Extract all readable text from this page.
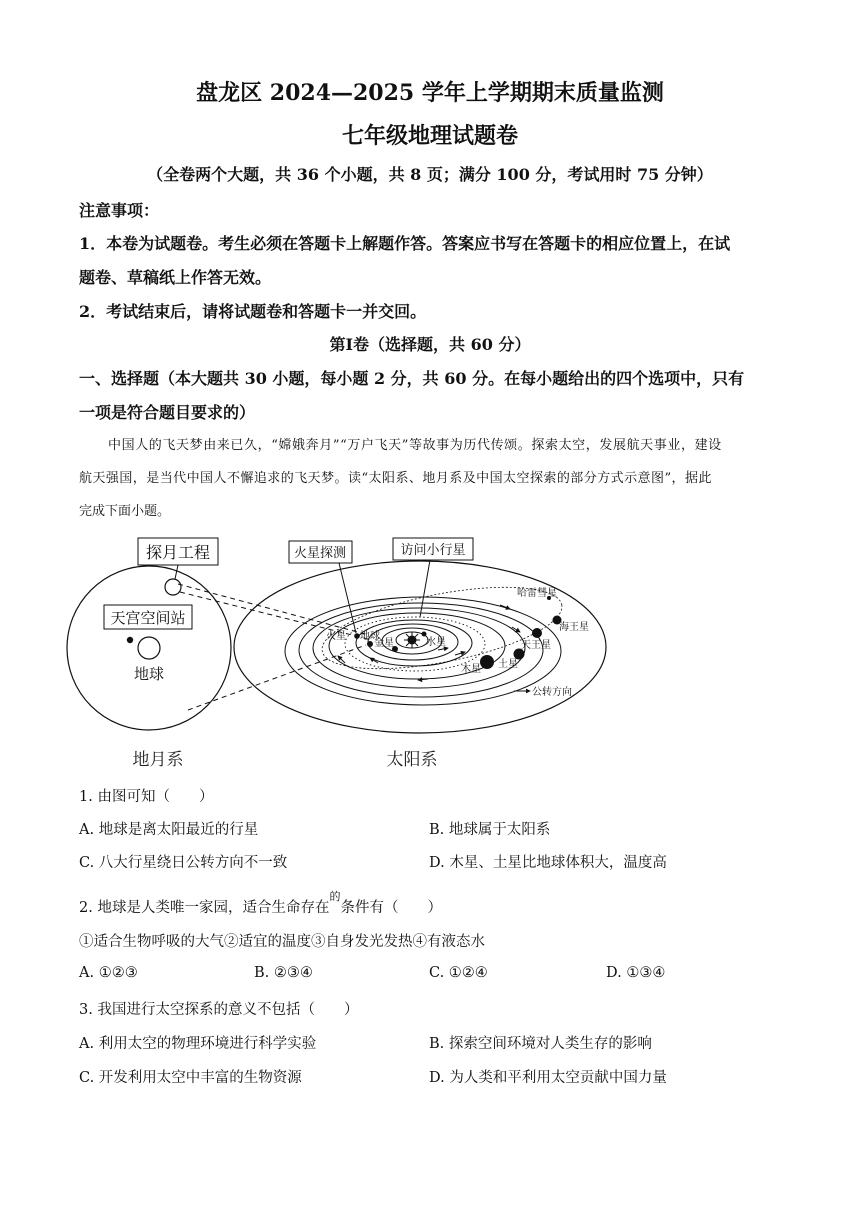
盘龙区 2024—2025 学年上学期期末质量监测
七年级地理试题卷
（全卷两个大题，共 36 个小题，共 8 页；满分 100 分，考试用时 75 分钟）
注意事项：
1．本卷为试题卷。考生必须在答题卡上解题作答。答案应书写在答题卡的相应位置上，在试
题卷、草稿纸上作答无效。
2．考试结束后，请将试题卷和答题卡一并交回。
第Ⅰ卷（选择题，共 60 分）
一、选择题（本大题共 30 小题，每小题 2 分，共 60 分。在每小题给出的四个选项中，只有
一项是符合题目要求的）
中国人的飞天梦由来已久，“嫦娥奔月”“万户飞天”等故事为历代传颂。探索太空，发展航天事业，建设
航天强国，是当代中国人不懈追求的飞天梦。读“太阳系、地月系及中国太空探索的部分方式示意图”，据此
完成下面小题。
探月工程
天宫空间站
地球
火星探测	访问小行星
哈雷彗星
海王星
天王星
土星
木星
火星 地球
金星	水星
公转方向
地月系	太阳系
1. 由图可知（　　）
A. 地球是离太阳最近的行星	B. 地球属于太阳系
C. 八大行星绕日公转方向不一致	D. 木星、土星比地球体积大，温度高
2. 地球是人类唯一家园，适合生命存在$^的$条件有（　　）
①适合生物呼吸的大气②适宜的温度③自身发光发热④有液态水
A. ①②③	B. ②③④	C. ①②④	D. ①③④
3. 我国进行太空探系的意义不包括（　　）
A. 利用太空的物理环境进行科学实验	B. 探索空间环境对人类生存的影响
C. 开发利用太空中丰富的生物资源	D. 为人类和平利用太空贡献中国力量
